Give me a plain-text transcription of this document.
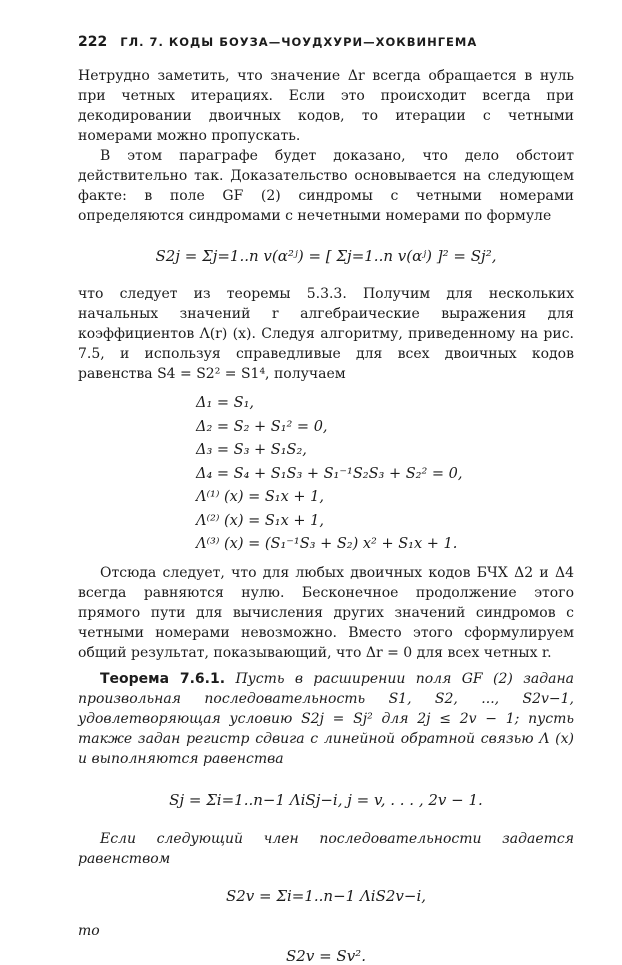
222 ГЛ. 7. КОДЫ БОУЗА—ЧОУДХУРИ—ХОКВИНГЕМА

Нетрудно заметить, что значение Δr всегда обращается в нуль при четных итерациях. Если это происходит всегда при декодировании двоичных кодов, то итерации с четными номерами можно пропускать.

В этом параграфе будет доказано, что дело обстоит действительно так. Доказательство основывается на следующем факте: в поле GF (2) синдромы с четными номерами определяются синдромами с нечетными номерами по формуле

S2j = Σj=1..n v(α²ʲ) = [ Σj=1..n v(αʲ) ]² = Sj²,

что следует из теоремы 5.3.3. Получим для нескольких начальных значений r алгебраические выражения для коэффициентов Λ(r) (x). Следуя алгоритму, приведенному на рис. 7.5, и используя справедливые для всех двоичных кодов равенства S4 = S2² = S1⁴, получаем

Δ₁ = S₁,
Δ₂ = S₂ + S₁² = 0,
Δ₃ = S₃ + S₁S₂,
Δ₄ = S₄ + S₁S₃ + S₁⁻¹S₂S₃ + S₂² = 0,
Λ⁽¹⁾ (x) = S₁x + 1,
Λ⁽²⁾ (x) = S₁x + 1,
Λ⁽³⁾ (x) = (S₁⁻¹S₃ + S₂) x² + S₁x + 1.

Отсюда следует, что для любых двоичных кодов БЧХ Δ2 и Δ4 всегда равняются нулю. Бесконечное продолжение этого прямого пути для вычисления других значений синдромов с четными номерами невозможно. Вместо этого сформулируем общий результат, показывающий, что Δr = 0 для всех четных r.

Теорема 7.6.1. Пусть в расширении поля GF (2) задана произвольная последовательность S1, S2, ..., S2v−1, удовлетворяющая условию S2j = Sj² для 2j ≤ 2v − 1; пусть также задан регистр сдвига с линейной обратной связью Λ (x) и выполняются равенства

Sj = Σi=1..n−1 ΛiSj−i, j = v, . . . , 2v − 1.

Если следующий член последовательности задается равенством

S2v = Σi=1..n−1 ΛiS2v−i,

то

S2v = Sv².
